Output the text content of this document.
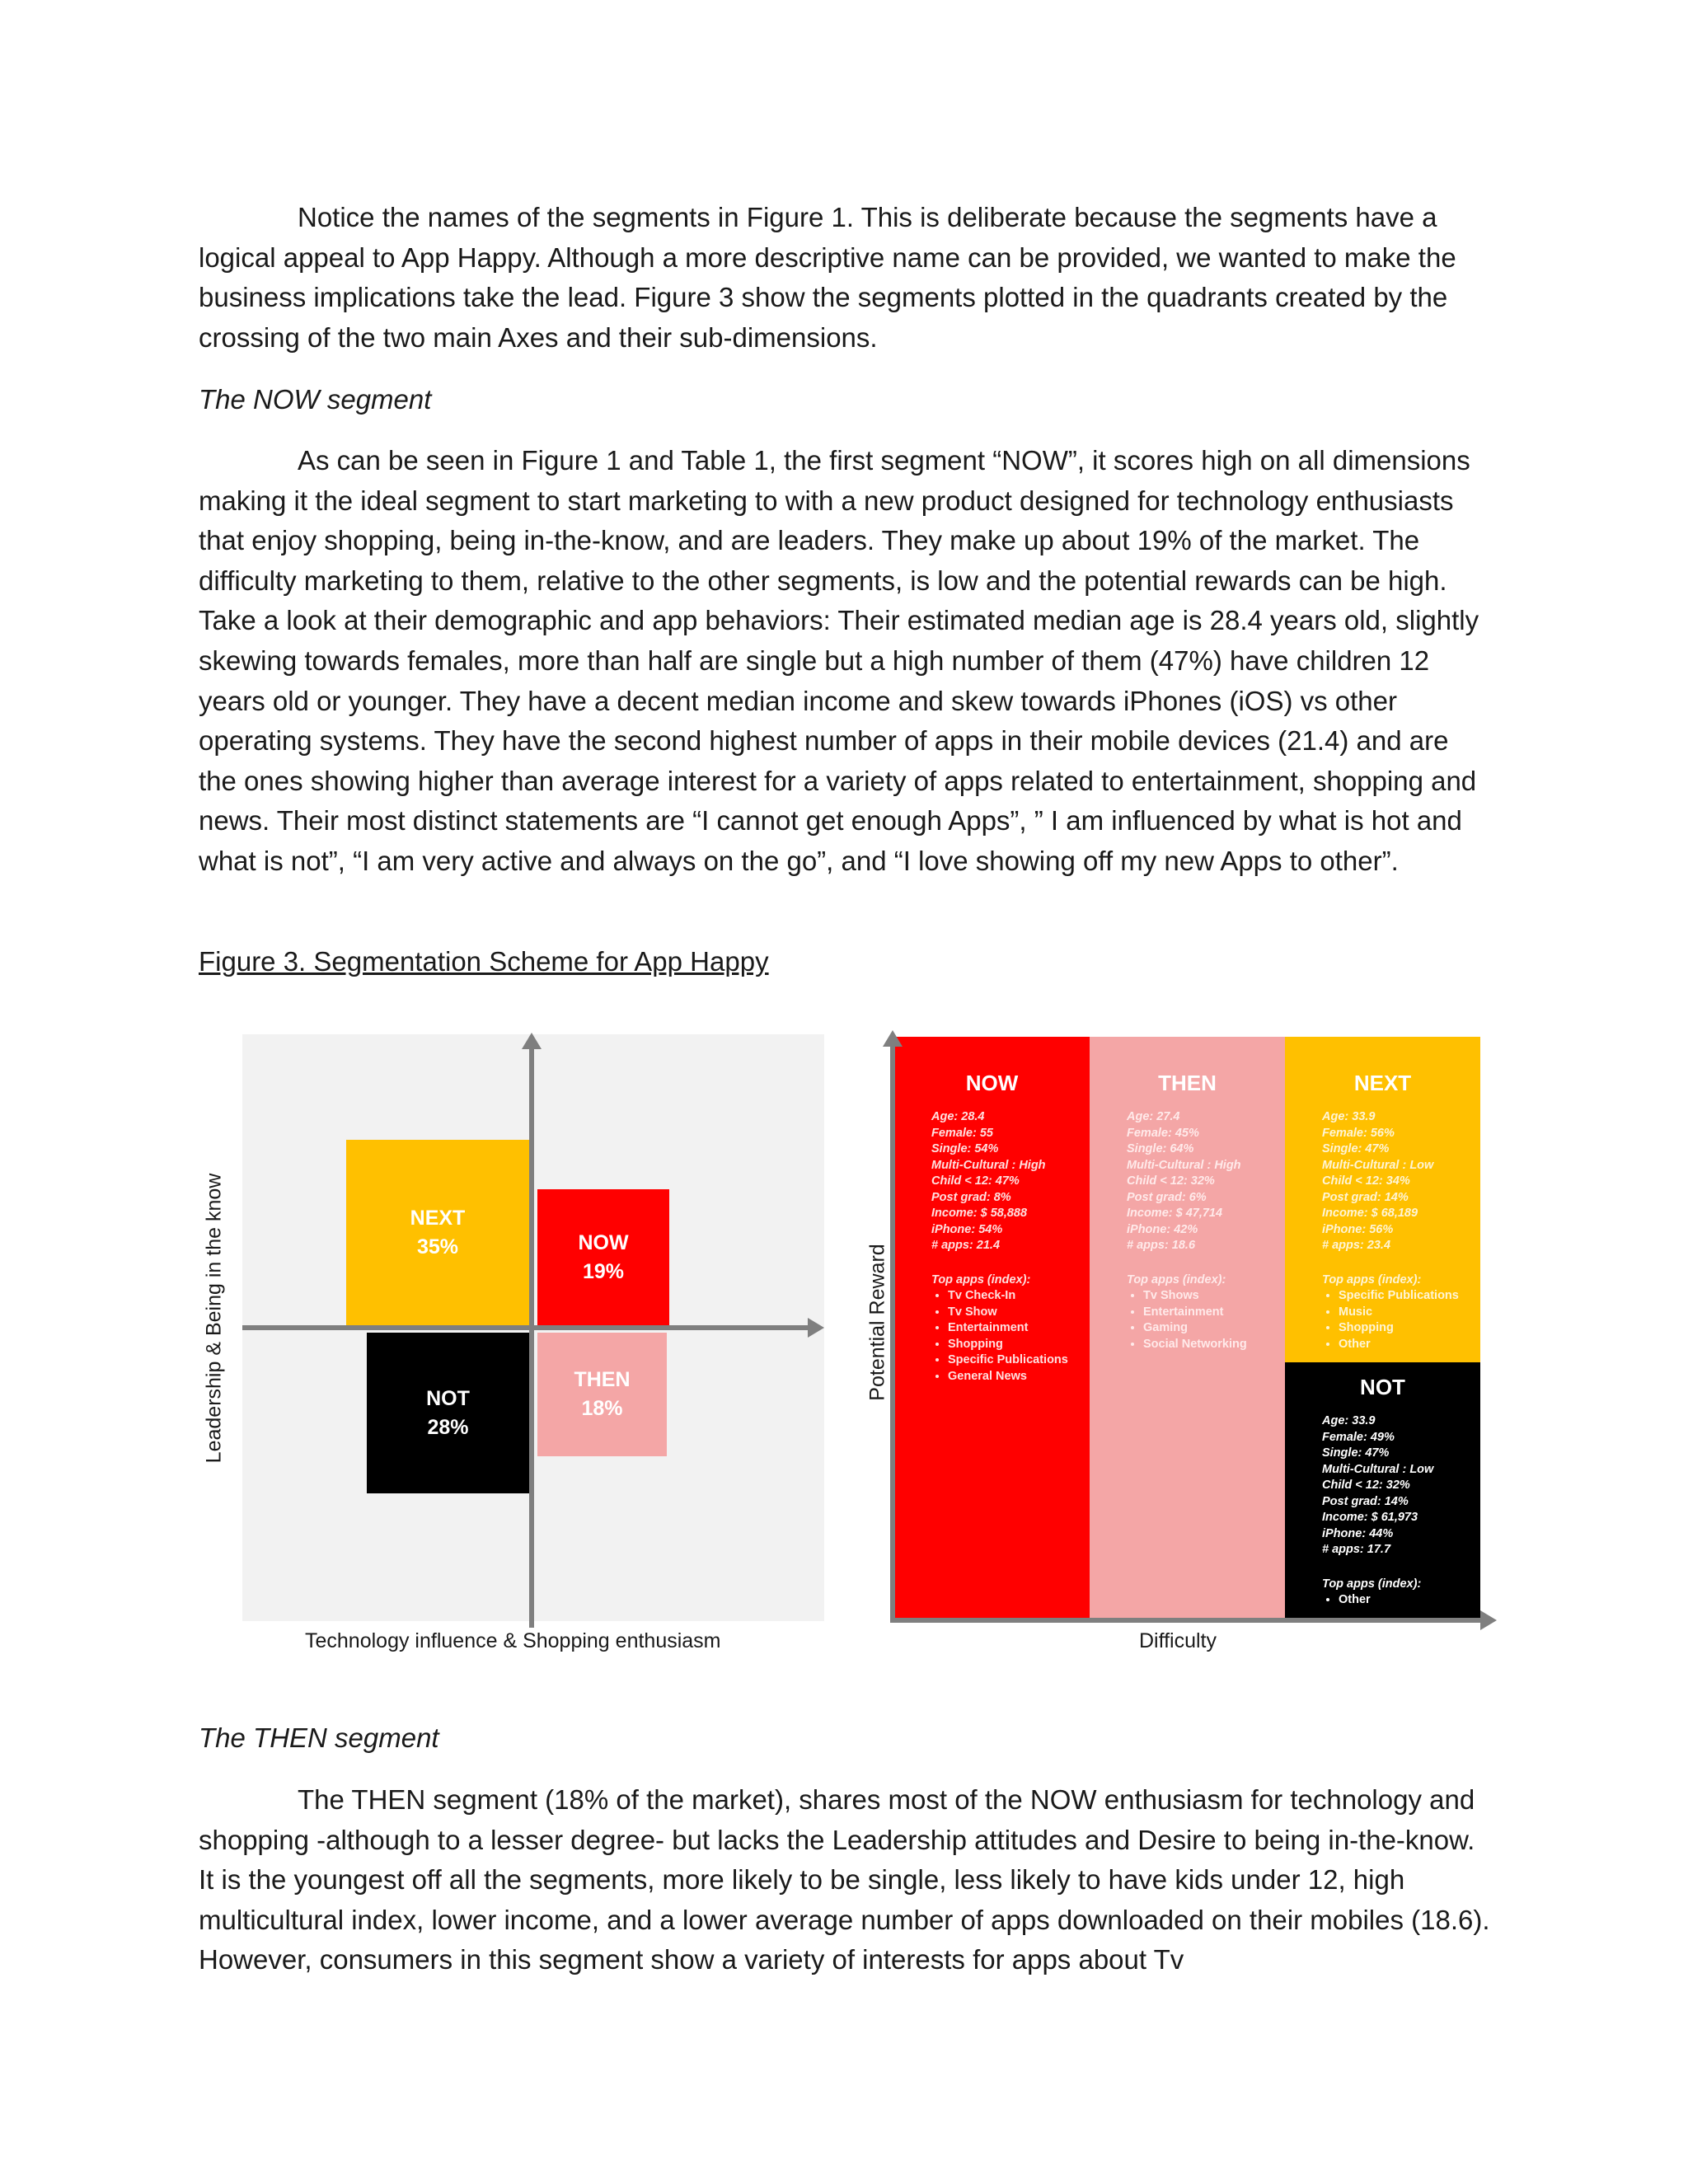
Notice the names of the segments in Figure 1. This is deliberate because the segments have a logical appeal to App Happy. Although a more descriptive name can be provided, we wanted to make the business implications take the lead. Figure 3 show the segments plotted in the quadrants created by the crossing of the two main Axes and their sub-dimensions.

The NOW segment

As can be seen in Figure 1 and Table 1, the first segment “NOW”, it scores high on all dimensions making it the ideal segment to start marketing to with a new product designed for technology enthusiasts that enjoy shopping, being in-the-know, and are leaders. They make up about 19% of the market. The difficulty marketing to them, relative to the other segments, is low and the potential rewards can be high. Take a look at their demographic and app behaviors: Their estimated median age is 28.4 years old, slightly skewing towards females, more than half are single but a high number of them (47%) have children 12 years old or younger. They have a decent median income and skew towards iPhones (iOS) vs other operating systems. They have the second highest number of apps in their mobile devices (21.4) and are the ones showing higher than average interest for a variety of apps related to entertainment, shopping and news. Their most distinct statements are “I cannot get enough Apps”, ” I am influenced by what is hot and what is not”, “I am very active and always on the go”, and “I love showing off my new Apps to other”.

Figure 3. Segmentation Scheme for App Happy

NEXT
35%	NOW
19%
NOT
28%
THEN
18%
Leadership & Being in the know
Technology influence & Shopping enthusiasm
NOW
Age: 28.4
Female: 55
Single: 54%
Multi-Cultural : High
Child < 12: 47%
Post grad: 8%
Income: $ 58,888
iPhone: 54%
# apps: 21.4

Top apps (index):

• Tv Check-In
• Tv Show
• Entertainment
• Shopping
• Specific Publications
• General News
THEN
Age: 27.4
Female: 45%
Single: 64%
Multi-Cultural : High
Child < 12: 32%
Post grad: 6%
Income: $ 47,714
iPhone: 42%
# apps: 18.6

Top apps (index):

• Tv Shows
• Entertainment
• Gaming
• Social Networking
NEXT
Age: 33.9
Female: 56%
Single: 47%
Multi-Cultural : Low
Child < 12: 34%
Post grad: 14%
Income: $ 68,189
iPhone: 56%
# apps: 23.4

Top apps (index):

• Specific Publications
• Music
• Shopping
• Other
NOT
Age: 33.9
Female: 49%
Single: 47%
Multi-Cultural : Low
Child < 12: 32%
Post grad: 14%
Income: $ 61,973
iPhone: 44%
# apps: 17.7

Top apps (index):

• Other
Potential Reward
Difficulty

The THEN segment

The THEN segment (18% of the market), shares most of the NOW enthusiasm for technology and shopping -although to a lesser degree- but lacks the Leadership attitudes and Desire to being in-the-know. It is the youngest off all the segments, more likely to be single, less likely to have kids under 12, high multicultural index, lower income, and a lower average number of apps downloaded on their mobiles (18.6). However, consumers in this segment show a variety of interests for apps about Tv
